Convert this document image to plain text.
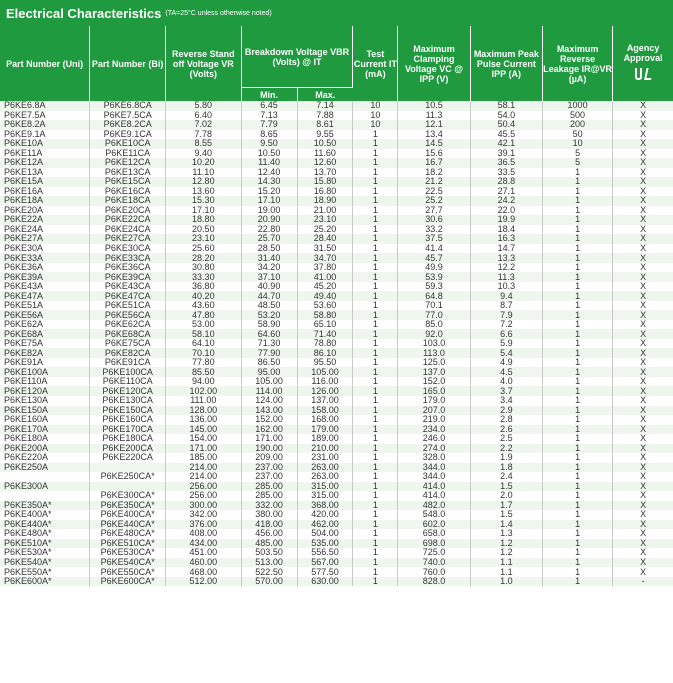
Electrical Characteristics (TA=25°C unless otherwise noted)
Part Number (Uni)	Part Number (Bi)	Reverse Stand off Voltage VR (Volts)	Breakdown Voltage VBR (Volts) @ IT		Test Current IT (mA)	Maximum Clamping Voltage VC @ IPP (V)	Maximum Peak Pulse Current IPP (A)	Maximum Reverse Leakage IR@VR (µA)	Agency Approval

			Min.	Max.					
P6KE6.8A	P6KE6.8CA	5.80	6.45	7.14	10	10.5	58.1	1000	X
P6KE7.5A	P6KE7.5CA	6.40	7.13	7.88	10	11.3	54.0	500	X
P6KE8.2A	P6KE8.2CA	7.02	7.79	8.61	10	12.1	50.4	200	X
P6KE9.1A	P6KE9.1CA	7.78	8.65	9.55	1	13.4	45.5	50	X
P6KE10A	P6KE10CA	8.55	9.50	10.50	1	14.5	42.1	10	X
P6KE11A	P6KE11CA	9.40	10.50	11.60	1	15.6	39.1	5	X
P6KE12A	P6KE12CA	10.20	11.40	12.60	1	16.7	36.5	5	X
P6KE13A	P6KE13CA	11.10	12.40	13.70	1	18.2	33.5	1	X
P6KE15A	P6KE15CA	12.80	14.30	15.80	1	21.2	28.8	1	X
P6KE16A	P6KE16CA	13.60	15.20	16.80	1	22.5	27.1	1	X
P6KE18A	P6KE18CA	15.30	17.10	18.90	1	25.2	24.2	1	X
P6KE20A	P6KE20CA	17.10	19.00	21.00	1	27.7	22.0	1	X
P6KE22A	P6KE22CA	18.80	20.90	23.10	1	30.6	19.9	1	X
P6KE24A	P6KE24CA	20.50	22.80	25.20	1	33.2	18.4	1	X
P6KE27A	P6KE27CA	23.10	25.70	28.40	1	37.5	16.3	1	X
P6KE30A	P6KE30CA	25.60	28.50	31.50	1	41.4	14.7	1	X
P6KE33A	P6KE33CA	28.20	31.40	34.70	1	45.7	13.3	1	X
P6KE36A	P6KE36CA	30.80	34.20	37.80	1	49.9	12.2	1	X
P6KE39A	P6KE39CA	33.30	37.10	41.00	1	53.9	11.3	1	X
P6KE43A	P6KE43CA	36.80	40.90	45.20	1	59.3	10.3	1	X
P6KE47A	P6KE47CA	40.20	44.70	49.40	1	64.8	9.4	1	X
P6KE51A	P6KE51CA	43.60	48.50	53.60	1	70.1	8.7	1	X
P6KE56A	P6KE56CA	47.80	53.20	58.80	1	77.0	7.9	1	X
P6KE62A	P6KE62CA	53.00	58.90	65.10	1	85.0	7.2	1	X
P6KE68A	P6KE68CA	58.10	64.60	71.40	1	92.0	6.6	1	X
P6KE75A	P6KE75CA	64.10	71.30	78.80	1	103.0	5.9	1	X
P6KE82A	P6KE82CA	70.10	77.90	86.10	1	113.0	5.4	1	X
P6KE91A	P6KE91CA	77.80	86.50	95.50	1	125.0	4.9	1	X
P6KE100A	P6KE100CA	85.50	95.00	105.00	1	137.0	4.5	1	X
P6KE110A	P6KE110CA	94.00	105.00	116.00	1	152.0	4.0	1	X
P6KE120A	P6KE120CA	102.00	114.00	126.00	1	165.0	3.7	1	X
P6KE130A	P6KE130CA	111.00	124.00	137.00	1	179.0	3.4	1	X
P6KE150A	P6KE150CA	128.00	143.00	158.00	1	207.0	2.9	1	X
P6KE160A	P6KE160CA	136.00	152.00	168.00	1	219.0	2.8	1	X
P6KE170A	P6KE170CA	145.00	162.00	179.00	1	234.0	2.6	1	X
P6KE180A	P6KE180CA	154.00	171.00	189.00	1	246.0	2.5	1	X
P6KE200A	P6KE200CA	171.00	190.00	210.00	1	274.0	2.2	1	X
P6KE220A	P6KE220CA	185.00	209.00	231.00	1	328.0	1.9	1	X
P6KE250A		214.00	237.00	263.00	1	344.0	1.8	1	X
	P6KE250CA*	214.00	237.00	263.00	1	344.0	2.4	1	X
P6KE300A		256.00	285.00	315.00	1	414.0	1.5	1	X
	P6KE300CA*	256.00	285.00	315.00	1	414.0	2.0	1	X
P6KE350A*	P6KE350CA*	300.00	332.00	368.00	1	482.0	1.7	1	X
P6KE400A*	P6KE400CA*	342.00	380.00	420.00	1	548.0	1.5	1	X
P6KE440A*	P6KE440CA*	376.00	418.00	462.00	1	602.0	1.4	1	X
P6KE480A*	P6KE480CA*	408.00	456.00	504.00	1	658.0	1.3	1	X
P6KE510A*	P6KE510CA*	434.00	485.00	535.00	1	698.0	1.2	1	X
P6KE530A*	P6KE530CA*	451.00	503.50	556.50	1	725.0	1.2	1	X
P6KE540A*	P6KE540CA*	460.00	513.00	567.00	1	740.0	1.1	1	X
P6KE550A*	P6KE550CA*	468.00	522.50	577.50	1	760.0	1.1	1	X
P6KE600A*	P6KE600CA*	512.00	570.00	630.00	1	828.0	1.0	1	-
